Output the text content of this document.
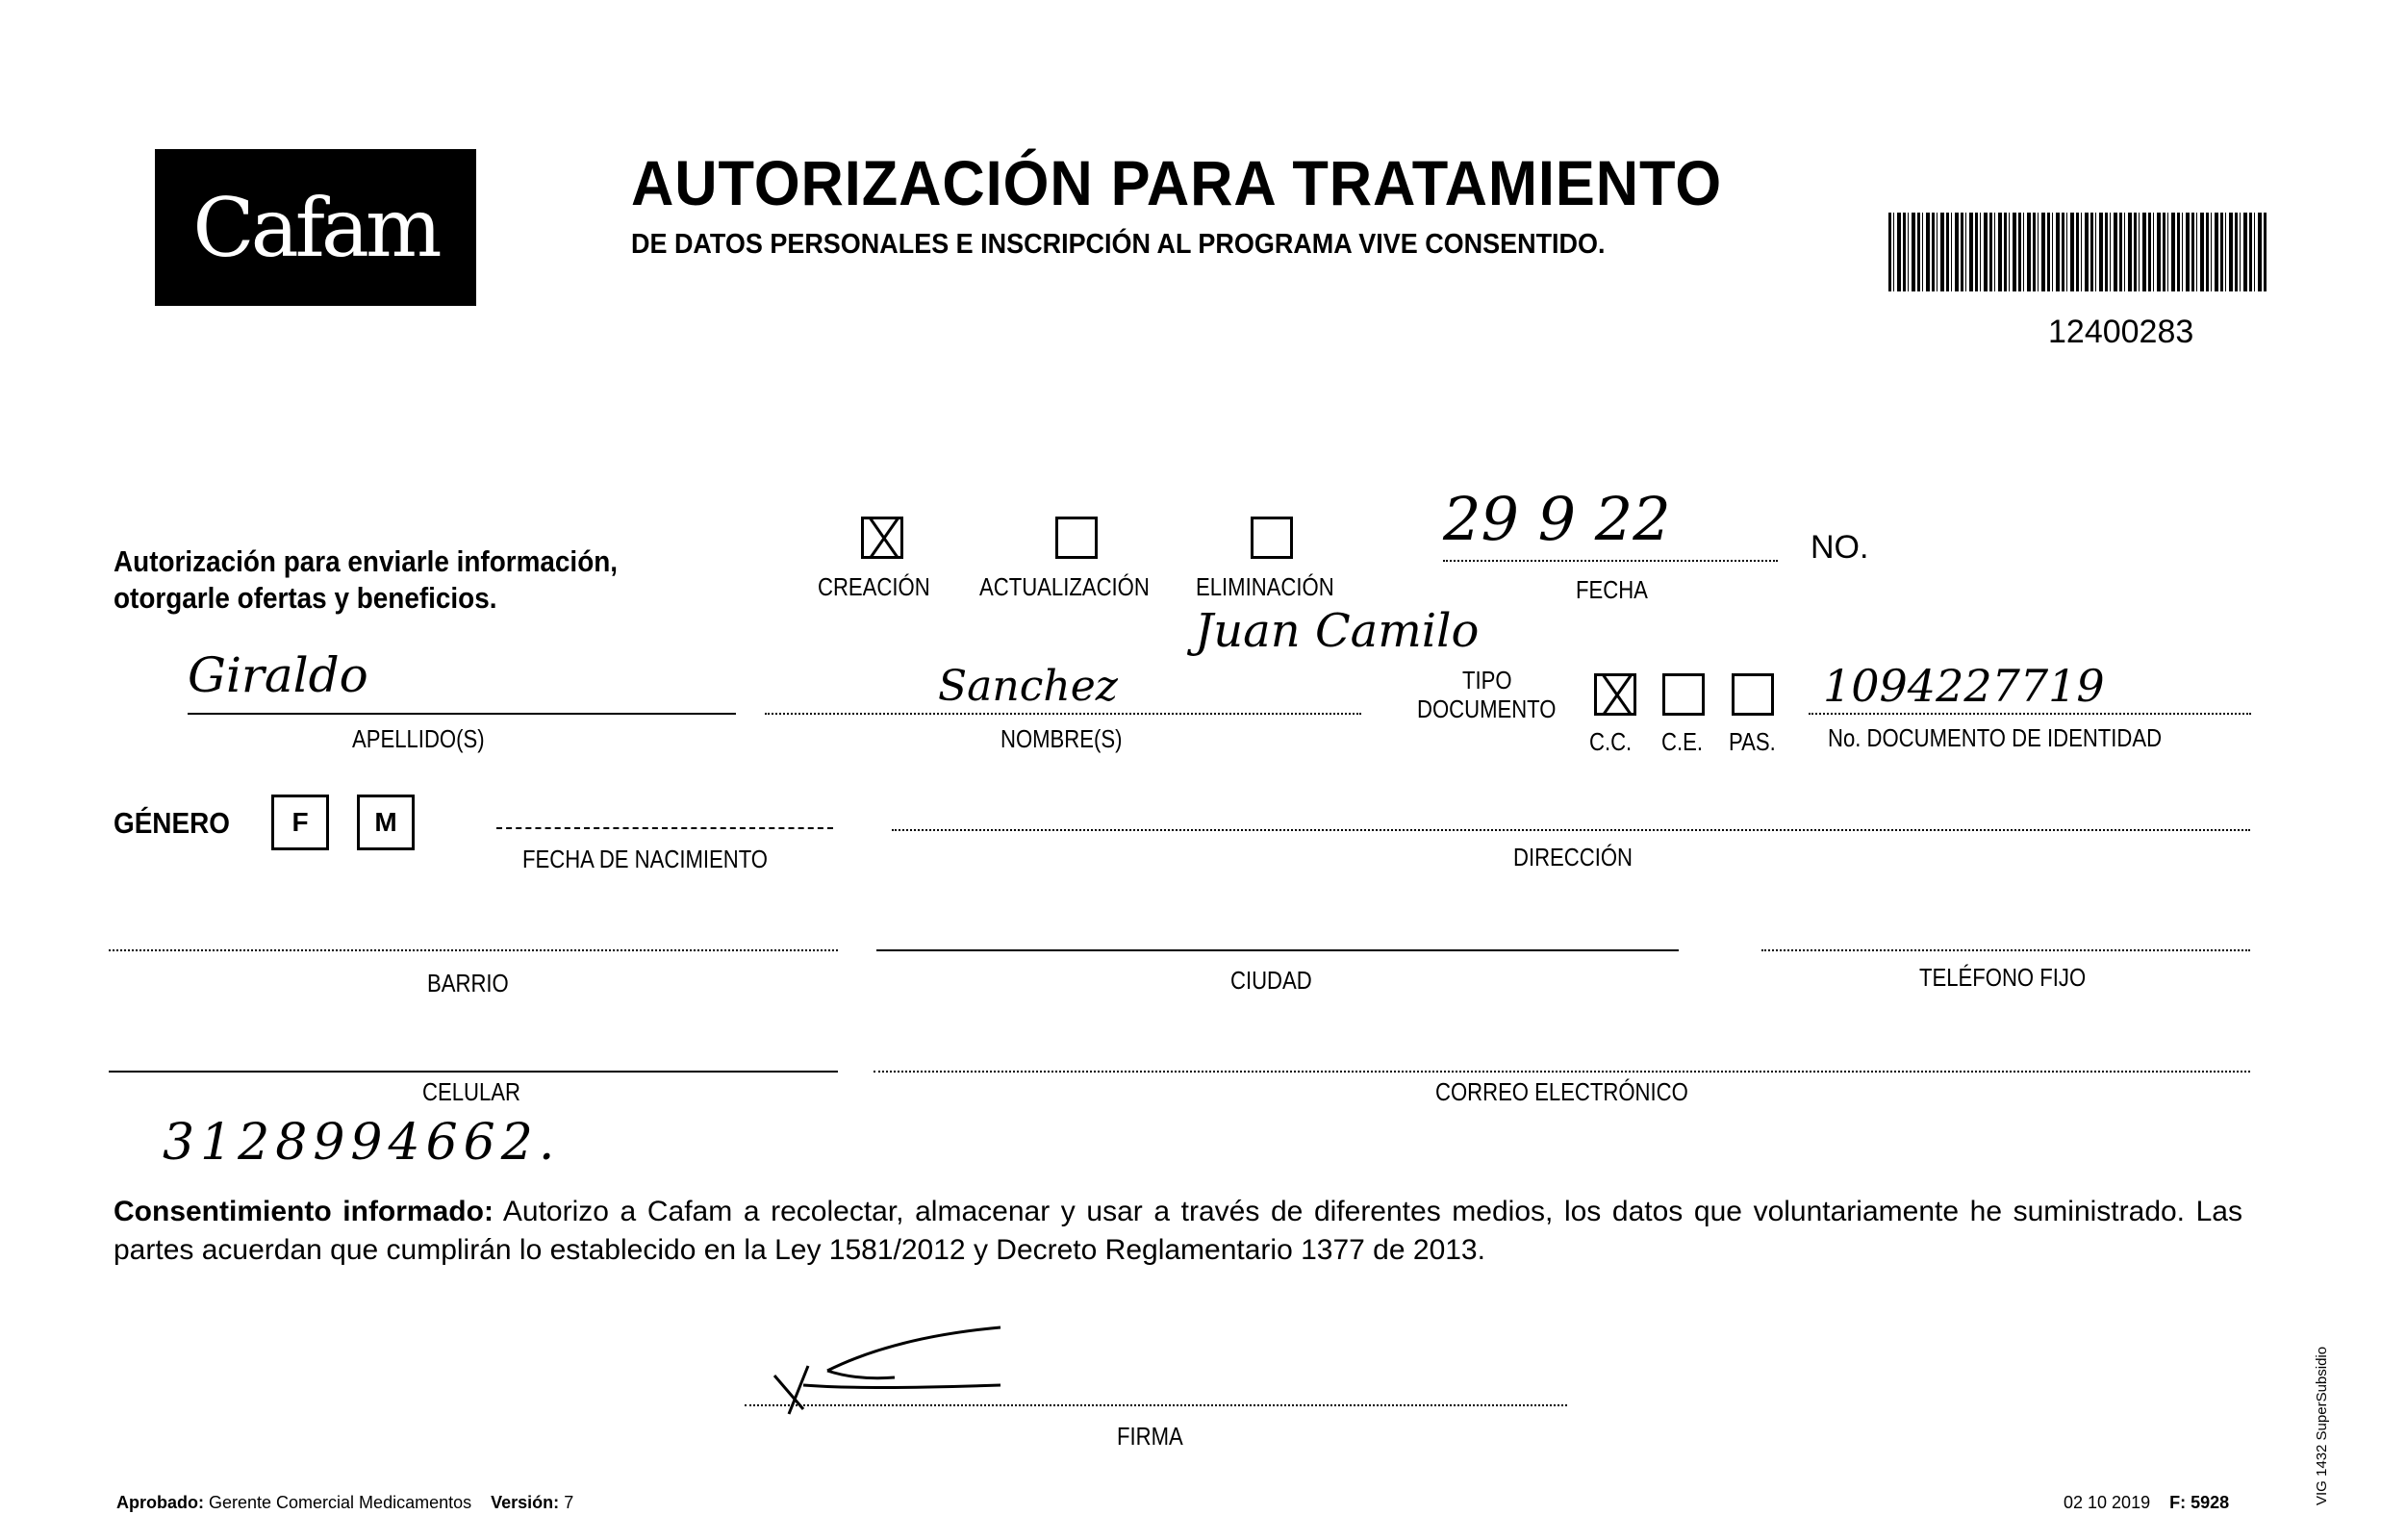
Cafam	AUTORIZACIÓN PARA TRATAMIENTO
DE DATOS PERSONALES E INSCRIPCIÓN AL PROGRAMA VIVE CONSENTIDO.
12400283
Autorización para enviarle información,
otorgarle ofertas y beneficios.	CREACIÓN ACTUALIZACIÓN ELIMINACIÓN
29 9 22
FECHA
NO.
Juan Camilo
Giraldo
APELLIDO(S)
Sanchez
NOMBRE(S)
TIPO
DOCUMENTO
C.C. C.E. PAS.
1094227719
No. DOCUMENTO DE IDENTIDAD
GÉNERO	F	M
FECHA DE NACIMIENTO	DIRECCIÓN
BARRIO	CIUDAD	TELÉFONO FIJO
CELULAR
3128994662.
CORREO ELECTRÓNICO
Consentimiento informado: Autorizo a Cafam a recolectar, almacenar y usar a través de diferentes medios, los datos que voluntariamente he suministrado. Las partes acuerdan que cumplirán lo establecido en la Ley 1581/2012 y Decreto Reglamentario 1377 de 2013.
FIRMA
Aprobado: Gerente Comercial Medicamentos Versión: 7	02 10 2019 F: 5928	VIG 1432 SuperSubsidio
